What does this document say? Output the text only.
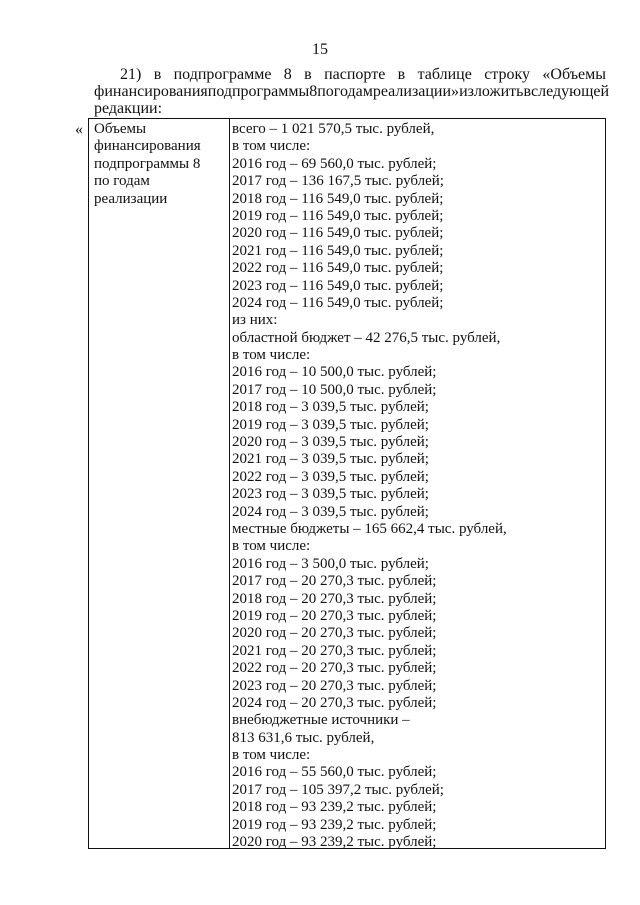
15
21) в подпрограмме 8 в паспорте в таблице строку «Объемы
финансирования подпрограммы 8 по годам реализации» изложить в следующей
редакции:
« Объемы
финансирования
подпрограммы 8
по годам
реализации
всего – 1 021 570,5 тыс. рублей,
в том числе:
2016 год – 69 560,0 тыс. рублей;
2017 год – 136 167,5 тыс. рублей;
2018 год – 116 549,0 тыс. рублей;
2019 год – 116 549,0 тыс. рублей;
2020 год – 116 549,0 тыс. рублей;
2021 год – 116 549,0 тыс. рублей;
2022 год – 116 549,0 тыс. рублей;
2023 год – 116 549,0 тыс. рублей;
2024 год – 116 549,0 тыс. рублей;
из них:
областной бюджет – 42 276,5 тыс. рублей,
в том числе:
2016 год – 10 500,0 тыс. рублей;
2017 год – 10 500,0 тыс. рублей;
2018 год – 3 039,5 тыс. рублей;
2019 год – 3 039,5 тыс. рублей;
2020 год – 3 039,5 тыс. рублей;
2021 год – 3 039,5 тыс. рублей;
2022 год – 3 039,5 тыс. рублей;
2023 год – 3 039,5 тыс. рублей;
2024 год – 3 039,5 тыс. рублей;
местные бюджеты – 165 662,4 тыс. рублей,
в том числе:
2016 год – 3 500,0 тыс. рублей;
2017 год – 20 270,3 тыс. рублей;
2018 год – 20 270,3 тыс. рублей;
2019 год – 20 270,3 тыс. рублей;
2020 год – 20 270,3 тыс. рублей;
2021 год – 20 270,3 тыс. рублей;
2022 год – 20 270,3 тыс. рублей;
2023 год – 20 270,3 тыс. рублей;
2024 год – 20 270,3 тыс. рублей;
внебюджетные источники –
813 631,6 тыс. рублей,
в том числе:
2016 год – 55 560,0 тыс. рублей;
2017 год – 105 397,2 тыс. рублей;
2018 год – 93 239,2 тыс. рублей;
2019 год – 93 239,2 тыс. рублей;
2020 год – 93 239,2 тыс. рублей;
